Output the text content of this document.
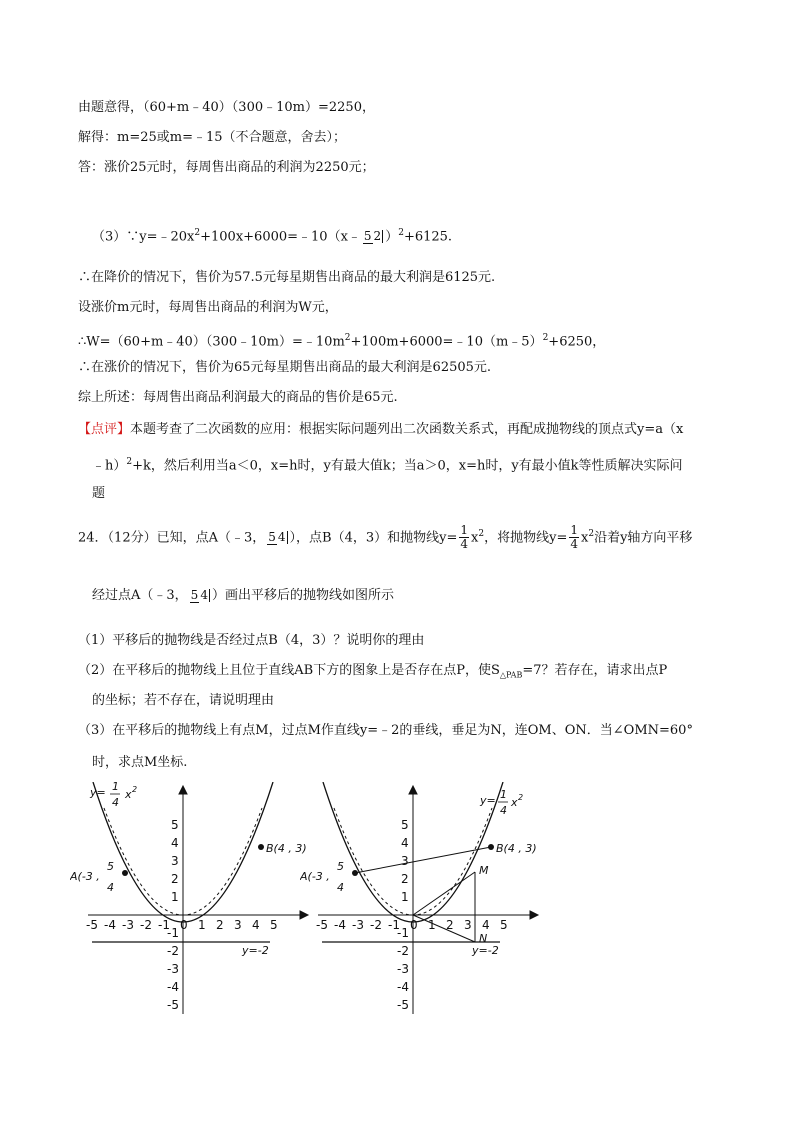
由题意得，（60+m﹣40）（300﹣10m）=2250，
解得：m=25或m=﹣15（不合题意，舍去）；
答：涨价25元时，每周售出商品的利润为2250元；
$(3)\because y=﹣20x^2+100x+6000=﹣10(x﹣$ 5 2 ）$^2$+6125.
∴在降价的情况下，售价为57.5元每星期售出商品的最大利润是6125元.
设涨价m元时，每周售出商品的利润为W元，
$\therefore W=(60+m﹣40)(300﹣10m)=﹣10m^2+100m+6000=﹣10(m﹣5)^2+6250$，
∴在涨价的情况下，售价为65元每星期售出商品的最大利润是62505元.
综上所述：每周售出商品利润最大的商品的售价是65元.
【点评】本题考查了二次函数的应用：根据实际问题列出二次函数关系式，再配成抛物线的顶点式y=a（x
﹣h）$^2$+k，然后利用当a＜0，x=h时，y有最大值k；当a＞0，x=h时，y有最小值k等性质解决实际问
题
24．（12分）已知，点A（﹣3， 5 4 ），点B（4，3）和抛物线$y= \frac{1}{4} x^2$，将抛物线$y= \frac{1}{4} x^2$沿着y轴方向平移
经过点A（﹣3， 5 4 ）画出平移后的抛物线如图所示
（1）平移后的抛物线是否经过点B（4，3）？说明你的理由
（2）在平移后的抛物线上且位于直线AB下方的图象上是否存在点P，使$S_{\triangle PAB}=7$？若存在，请求出点P
的坐标；若不存在，请说明理由
（3）在平移后的抛物线上有点M，过点M作直线y=﹣2的垂线，垂足为N，连OM、ON．当∠OMN=60°
时，求点M坐标.
-5 -4 -3 -2 -1 0 1 2 3 4 5
5
4
3
2
1
-1
-2
-3
-4
-5
A(-3 ,
5
4
B(4 , 3)
y=-2
y= 1
4
x 2
-5 -4 -3 -2 -1 0 1 2 3 4 5
5
4
3
2
1
-1
-2
-3
-4
-5
A(-3 ,
5
4
B(4 , 3)
M
N
y=-2
y= 1
4
x 2
